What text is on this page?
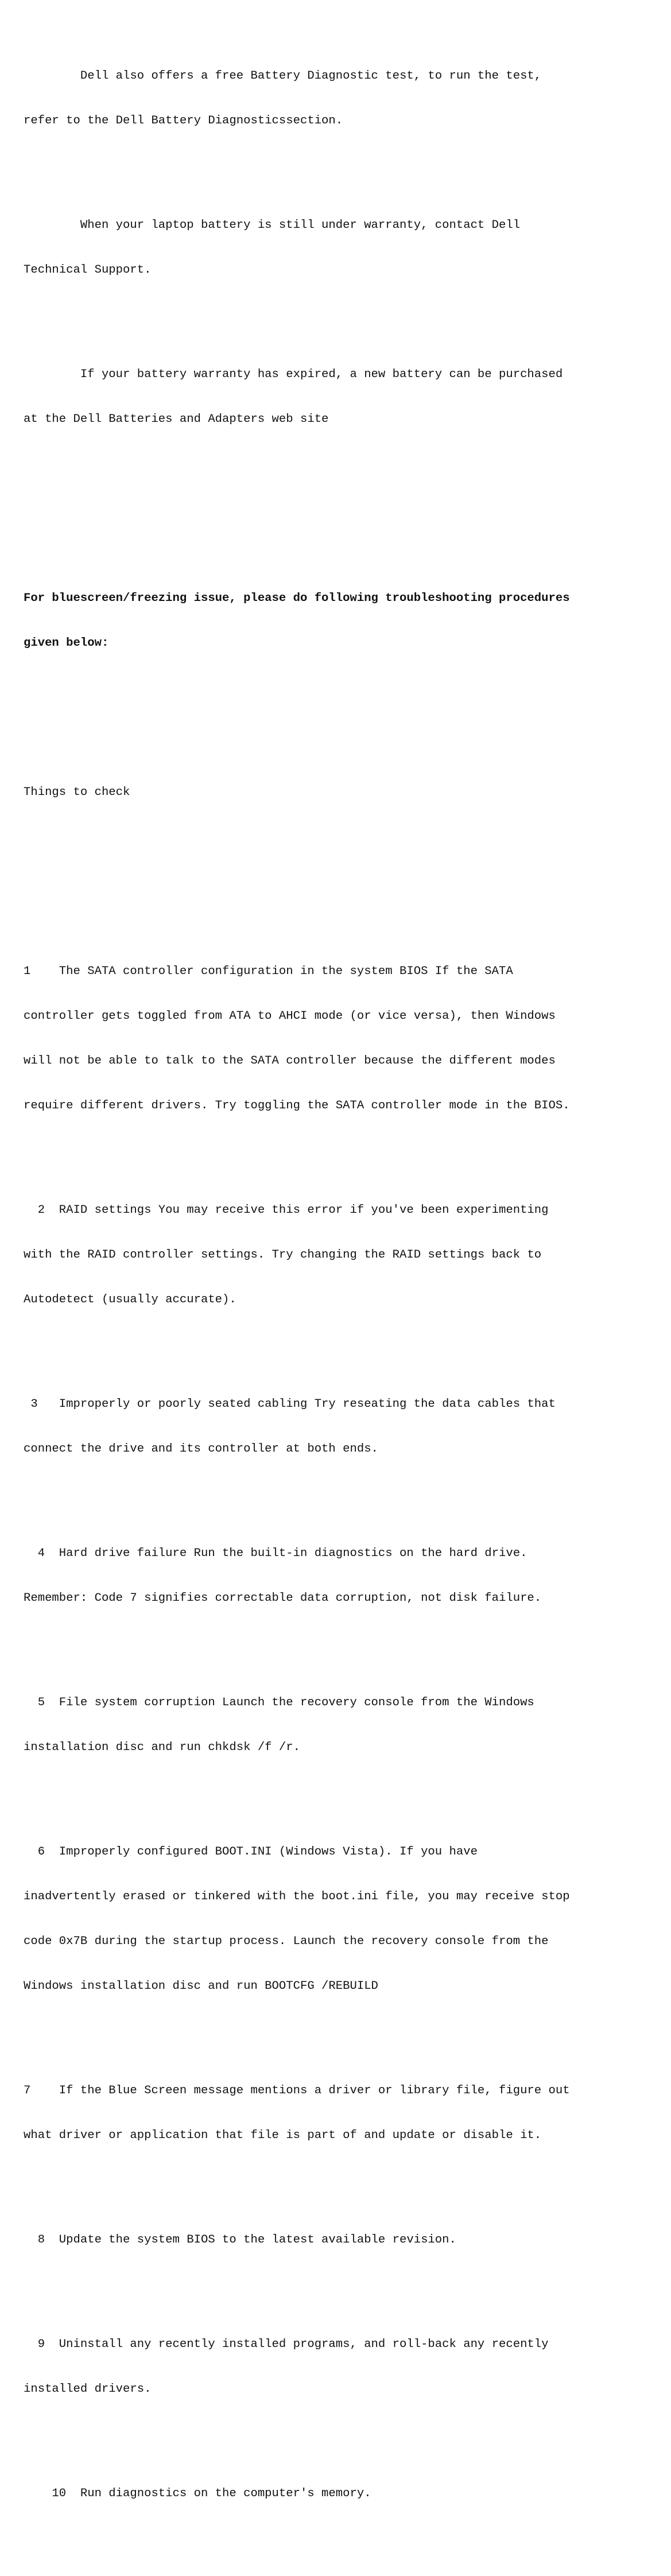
Dell also offers a free Battery Diagnostic test, to run the test,

refer to the Dell Battery Diagnosticssection.

When your laptop battery is still under warranty, contact Dell

Technical Support.

If your battery warranty has expired, a new battery can be purchased

at the Dell Batteries and Adapters web site

For bluescreen/freezing issue, please do following troubleshooting procedures

given below:

Things to check

1    The SATA controller configuration in the system BIOS If the SATA

controller gets toggled from ATA to AHCI mode (or vice versa), then Windows

will not be able to talk to the SATA controller because the different modes

require different drivers. Try toggling the SATA controller mode in the BIOS.

2  RAID settings You may receive this error if you've been experimenting

with the RAID controller settings. Try changing the RAID settings back to

Autodetect (usually accurate).

3   Improperly or poorly seated cabling Try reseating the data cables that

connect the drive and its controller at both ends.

4  Hard drive failure Run the built-in diagnostics on the hard drive.

Remember: Code 7 signifies correctable data corruption, not disk failure.

5  File system corruption Launch the recovery console from the Windows

installation disc and run chkdsk /f /r.

6  Improperly configured BOOT.INI (Windows Vista). If you have

inadvertently erased or tinkered with the boot.ini file, you may receive stop

code 0x7B during the startup process. Launch the recovery console from the

Windows installation disc and run BOOTCFG /REBUILD

7    If the Blue Screen message mentions a driver or library file, figure out

what driver or application that file is part of and update or disable it.

8  Update the system BIOS to the latest available revision.

9  Uninstall any recently installed programs, and roll-back any recently

installed drivers.

10  Run diagnostics on the computer's memory.
